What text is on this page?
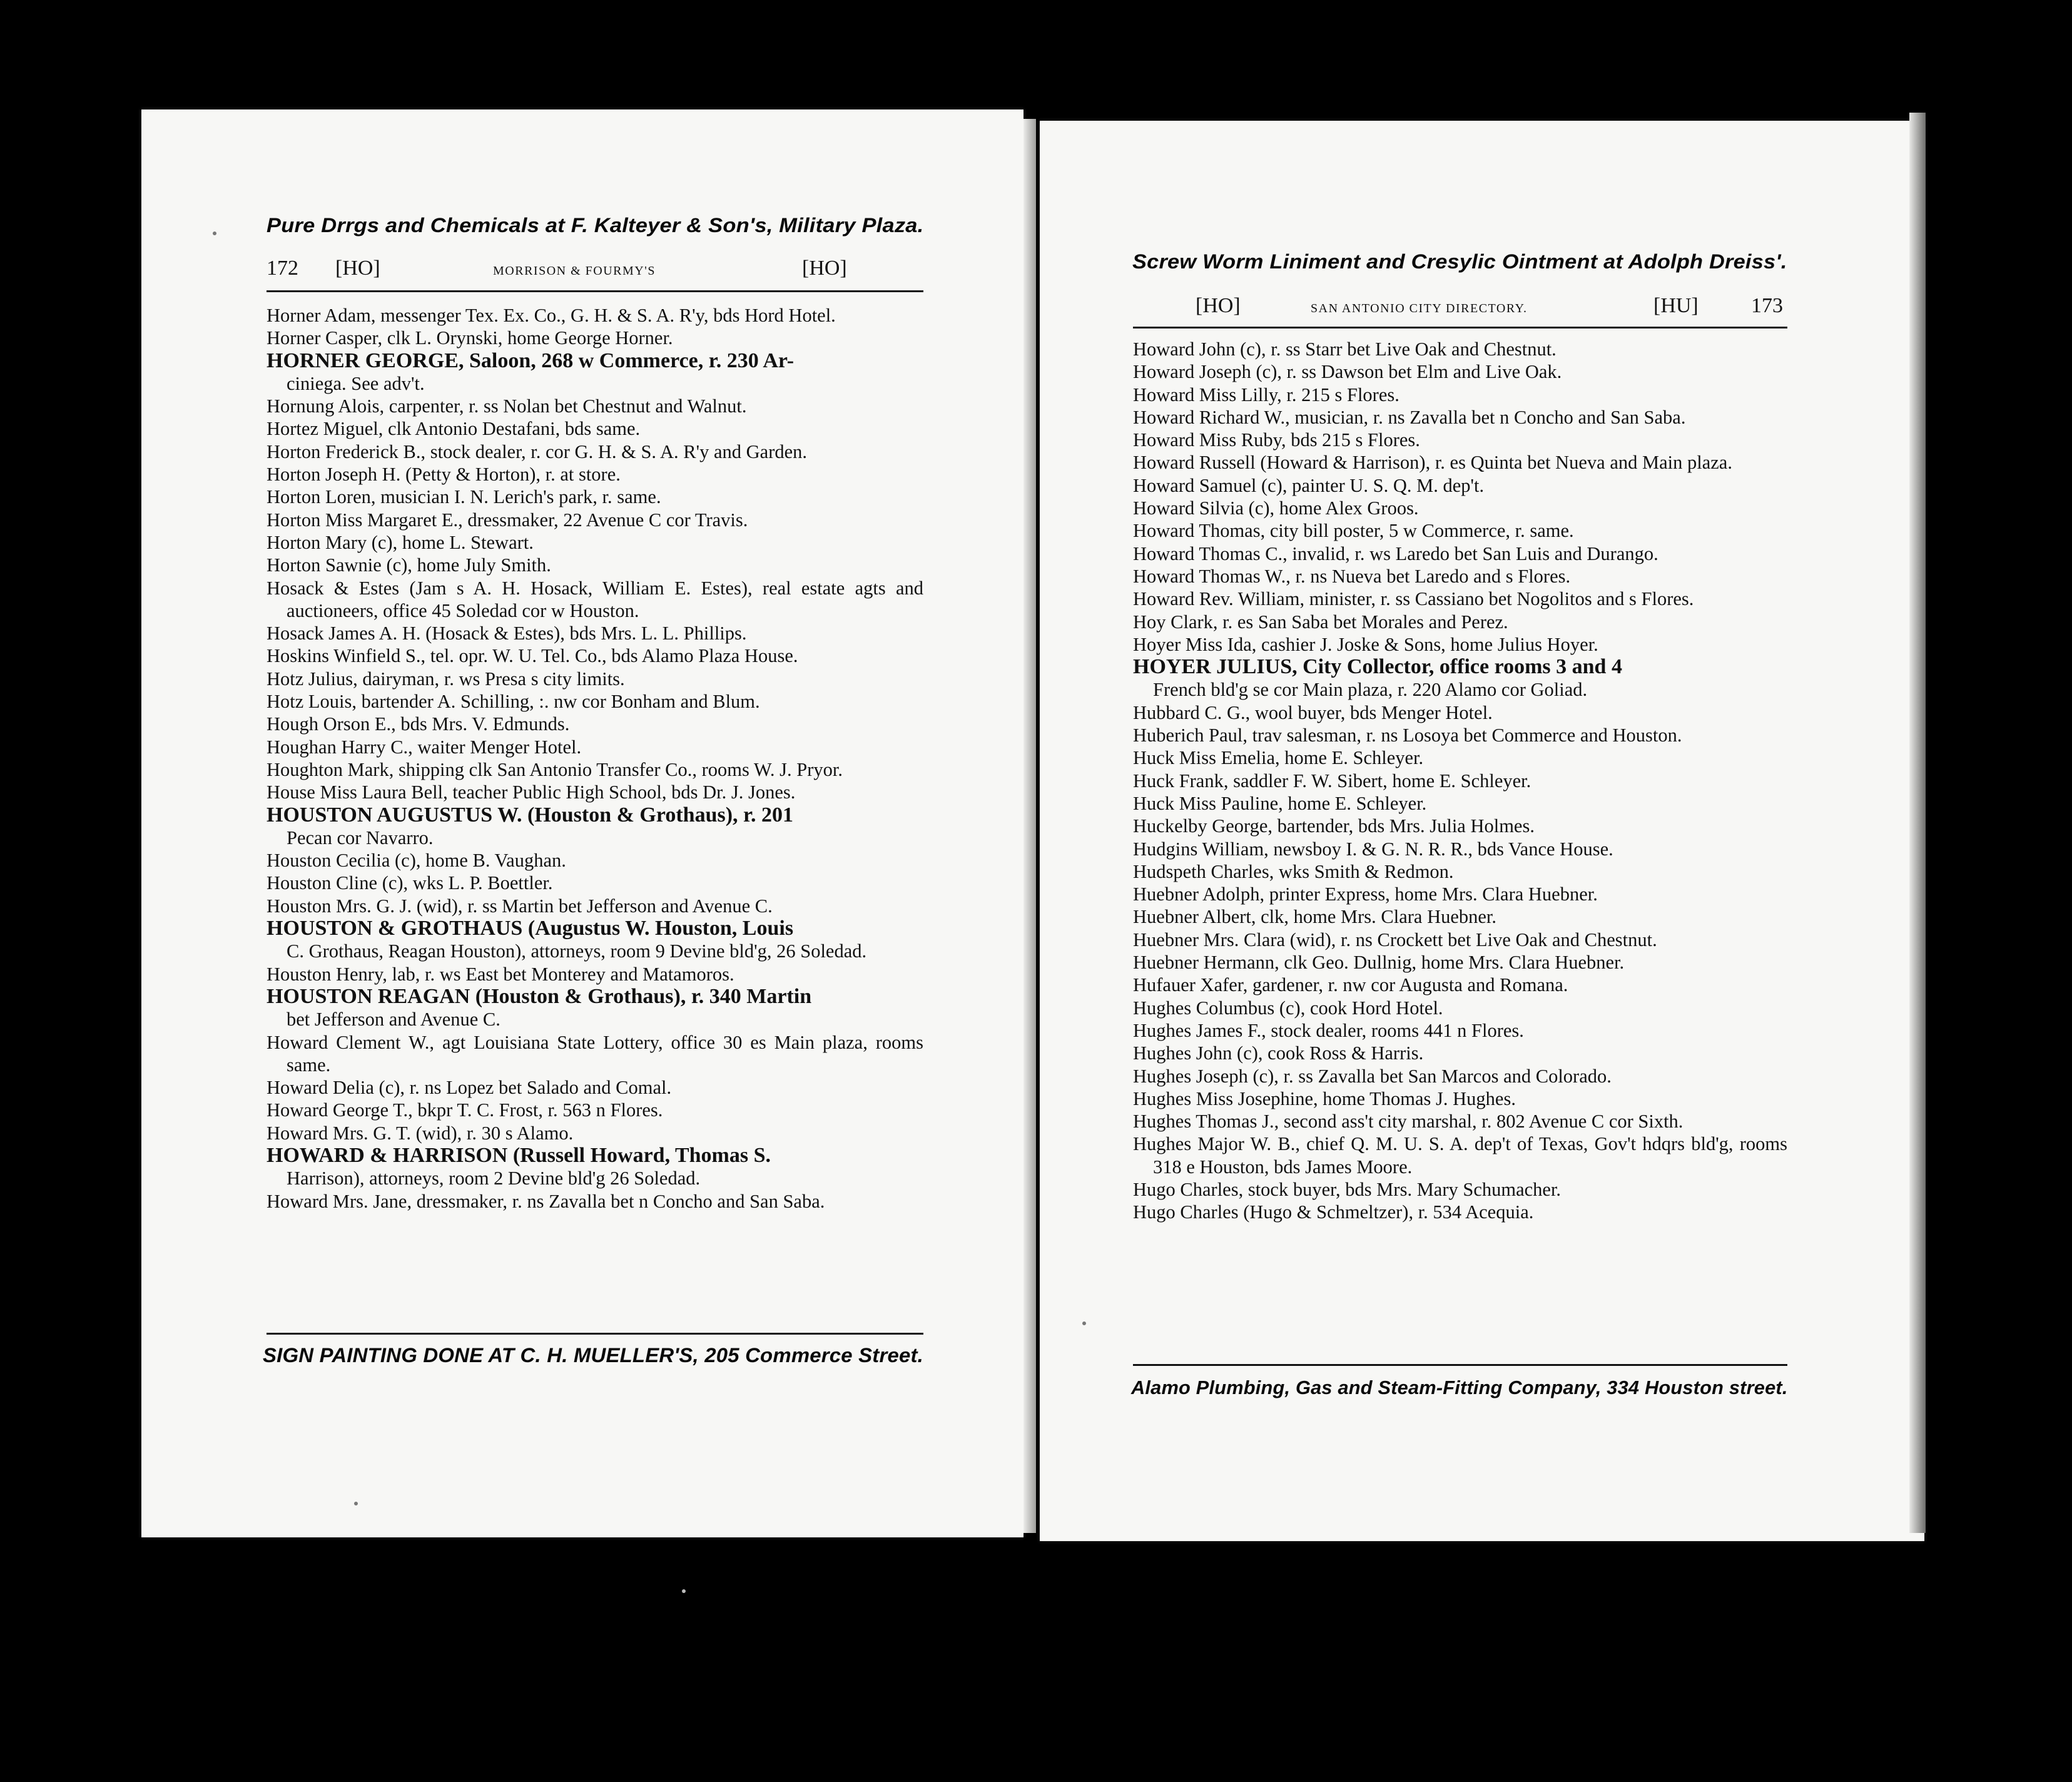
Pure Drrgs and Chemicals at F. Kalteyer & Son's, Military Plaza.
172 [HO]	MORRISON & FOURMY'S	[HO]
Horner Adam, messenger Tex. Ex. Co., G. H. & S. A. R'y, bds Hord Hotel.
Horner Casper, clk L. Orynski, home George Horner.
HORNER GEORGE, Saloon, 268 w Commerce, r. 230 Ar-
ciniega. See adv't.
Hornung Alois, carpenter, r. ss Nolan bet Chestnut and Walnut.
Hortez Miguel, clk Antonio Destafani, bds same.
Horton Frederick B., stock dealer, r. cor G. H. & S. A. R'y and Garden.
Horton Joseph H. (Petty & Horton), r. at store.
Horton Loren, musician I. N. Lerich's park, r. same.
Horton Miss Margaret E., dressmaker, 22 Avenue C cor Travis.
Horton Mary (c), home L. Stewart.
Horton Sawnie (c), home July Smith.
Hosack & Estes (Jam s A. H. Hosack, William E. Estes), real estate agts and auctioneers, office 45 Soledad cor w Houston.
Hosack James A. H. (Hosack & Estes), bds Mrs. L. L. Phillips.
Hoskins Winfield S., tel. opr. W. U. Tel. Co., bds Alamo Plaza House.
Hotz Julius, dairyman, r. ws Presa s city limits.
Hotz Louis, bartender A. Schilling, :. nw cor Bonham and Blum.
Hough Orson E., bds Mrs. V. Edmunds.
Houghan Harry C., waiter Menger Hotel.
Houghton Mark, shipping clk San Antonio Transfer Co., rooms W. J. Pryor.
House Miss Laura Bell, teacher Public High School, bds Dr. J. Jones.
HOUSTON AUGUSTUS W. (Houston & Grothaus), r. 201
Pecan cor Navarro.
Houston Cecilia (c), home B. Vaughan.
Houston Cline (c), wks L. P. Boettler.
Houston Mrs. G. J. (wid), r. ss Martin bet Jefferson and Avenue C.
HOUSTON & GROTHAUS (Augustus W. Houston, Louis
C. Grothaus, Reagan Houston), attorneys, room 9 Devine bld'g, 26 Soledad.
Houston Henry, lab, r. ws East bet Monterey and Matamoros.
HOUSTON REAGAN (Houston & Grothaus), r. 340 Martin
bet Jefferson and Avenue C.
Howard Clement W., agt Louisiana State Lottery, office 30 es Main plaza, rooms same.
Howard Delia (c), r. ns Lopez bet Salado and Comal.
Howard George T., bkpr T. C. Frost, r. 563 n Flores.
Howard Mrs. G. T. (wid), r. 30 s Alamo.
HOWARD & HARRISON (Russell Howard, Thomas S.
Harrison), attorneys, room 2 Devine bld'g 26 Soledad.
Howard Mrs. Jane, dressmaker, r. ns Zavalla bet n Concho and San Saba.
SIGN PAINTING DONE AT C. H. MUELLER'S, 205 Commerce Street.
Screw Worm Liniment and Cresylic Ointment at Adolph Dreiss'.
[HO]	SAN ANTONIO CITY DIRECTORY.	[HU] 173
Howard John (c), r. ss Starr bet Live Oak and Chestnut.
Howard Joseph (c), r. ss Dawson bet Elm and Live Oak.
Howard Miss Lilly, r. 215 s Flores.
Howard Richard W., musician, r. ns Zavalla bet n Concho and San Saba.
Howard Miss Ruby, bds 215 s Flores.
Howard Russell (Howard & Harrison), r. es Quinta bet Nueva and Main plaza.
Howard Samuel (c), painter U. S. Q. M. dep't.
Howard Silvia (c), home Alex Groos.
Howard Thomas, city bill poster, 5 w Commerce, r. same.
Howard Thomas C., invalid, r. ws Laredo bet San Luis and Durango.
Howard Thomas W., r. ns Nueva bet Laredo and s Flores.
Howard Rev. William, minister, r. ss Cassiano bet Nogolitos and s Flores.
Hoy Clark, r. es San Saba bet Morales and Perez.
Hoyer Miss Ida, cashier J. Joske & Sons, home Julius Hoyer.
HOYER JULIUS, City Collector, office rooms 3 and 4
French bld'g se cor Main plaza, r. 220 Alamo cor Goliad.
Hubbard C. G., wool buyer, bds Menger Hotel.
Huberich Paul, trav salesman, r. ns Losoya bet Commerce and Houston.
Huck Miss Emelia, home E. Schleyer.
Huck Frank, saddler F. W. Sibert, home E. Schleyer.
Huck Miss Pauline, home E. Schleyer.
Huckelby George, bartender, bds Mrs. Julia Holmes.
Hudgins William, newsboy I. & G. N. R. R., bds Vance House.
Hudspeth Charles, wks Smith & Redmon.
Huebner Adolph, printer Express, home Mrs. Clara Huebner.
Huebner Albert, clk, home Mrs. Clara Huebner.
Huebner Mrs. Clara (wid), r. ns Crockett bet Live Oak and Chestnut.
Huebner Hermann, clk Geo. Dullnig, home Mrs. Clara Huebner.
Hufauer Xafer, gardener, r. nw cor Augusta and Romana.
Hughes Columbus (c), cook Hord Hotel.
Hughes James F., stock dealer, rooms 441 n Flores.
Hughes John (c), cook Ross & Harris.
Hughes Joseph (c), r. ss Zavalla bet San Marcos and Colorado.
Hughes Miss Josephine, home Thomas J. Hughes.
Hughes Thomas J., second ass't city marshal, r. 802 Avenue C cor Sixth.
Hughes Major W. B., chief Q. M. U. S. A. dep't of Texas, Gov't hdqrs bld'g, rooms 318 e Houston, bds James Moore.
Hugo Charles, stock buyer, bds Mrs. Mary Schumacher.
Hugo Charles (Hugo & Schmeltzer), r. 534 Acequia.
Alamo Plumbing, Gas and Steam-Fitting Company, 334 Houston street.
